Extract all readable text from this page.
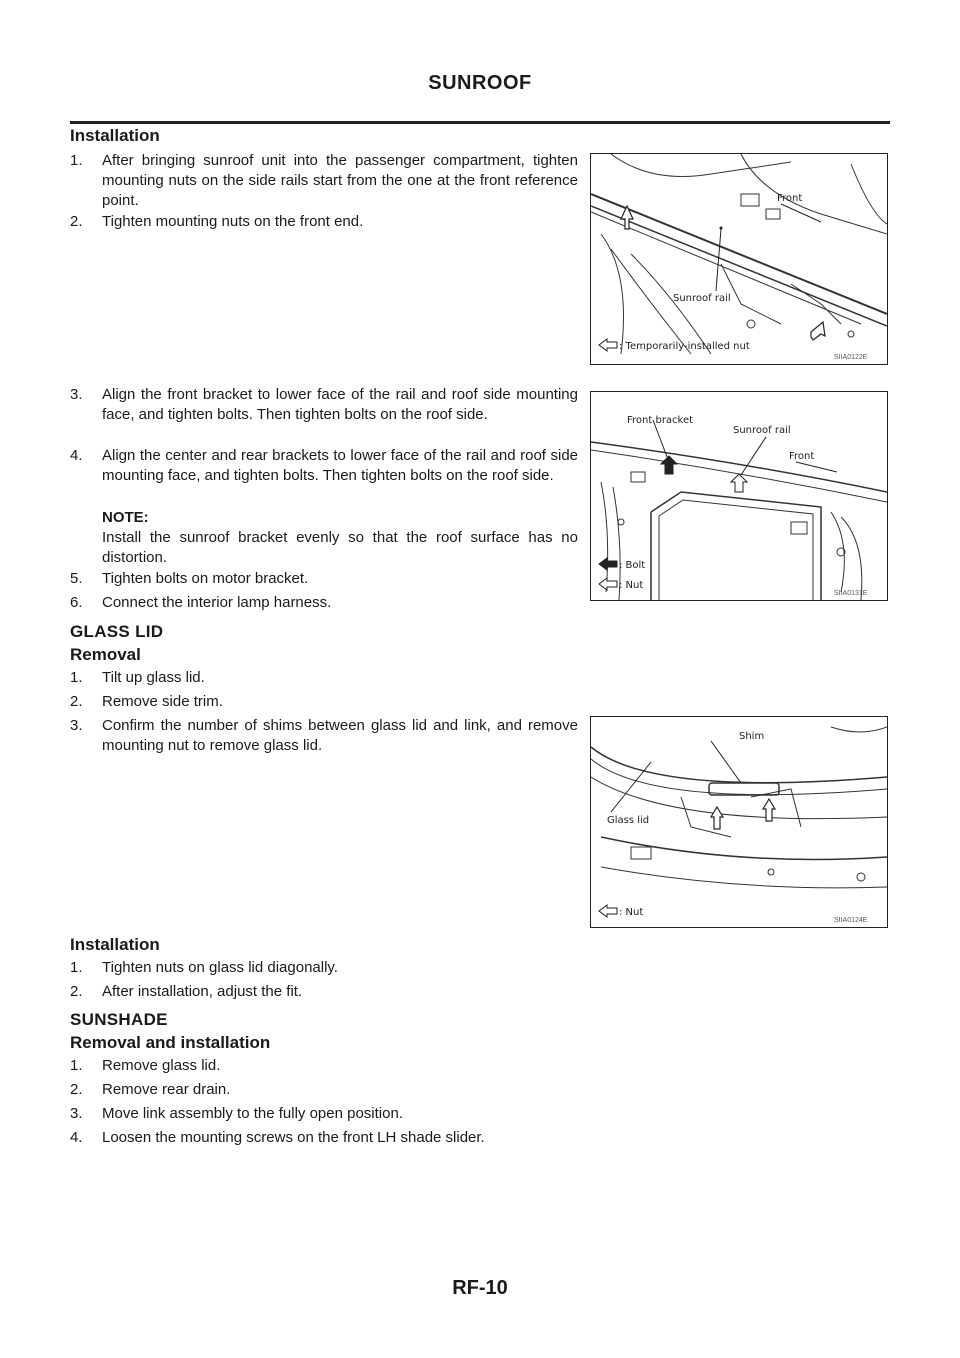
SUNROOF
Installation
1.	After bringing sunroof unit into the passenger compartment, tighten mounting nuts on the side rails start from the one at the front reference point.
2.	Tighten mounting nuts on the front end.
3.	Align the front bracket to lower face of the rail and roof side mounting face, and tighten bolts. Then tighten bolts on the roof side.
4.	Align the center and rear brackets to lower face of the rail and roof side mounting face, and tighten bolts. Then tighten bolts on the roof side.
NOTE:
Install the sunroof bracket evenly so that the roof surface has no distortion.
5.	Tighten bolts on motor bracket.
6.	Connect the interior lamp harness.
GLASS LID
Removal
1.	Tilt up glass lid.
2.	Remove side trim.
3.	Confirm the number of shims between glass lid and link, and remove mounting nut to remove glass lid.
Installation
1.	Tighten nuts on glass lid diagonally.
2.	After installation, adjust the fit.
SUNSHADE
Removal and installation
1.	Remove glass lid.
2.	Remove rear drain.
3.	Move link assembly to the fully open position.
4.	Loosen the mounting screws on the front LH shade slider.
Front
Sunroof rail
: Temporarily-installed nut
SIIA0122E
Front bracket
Sunroof rail
Front
: Bolt
: Nut
SIIA0131E
Shim
Glass lid
: Nut
SIIA0124E
RF-10
